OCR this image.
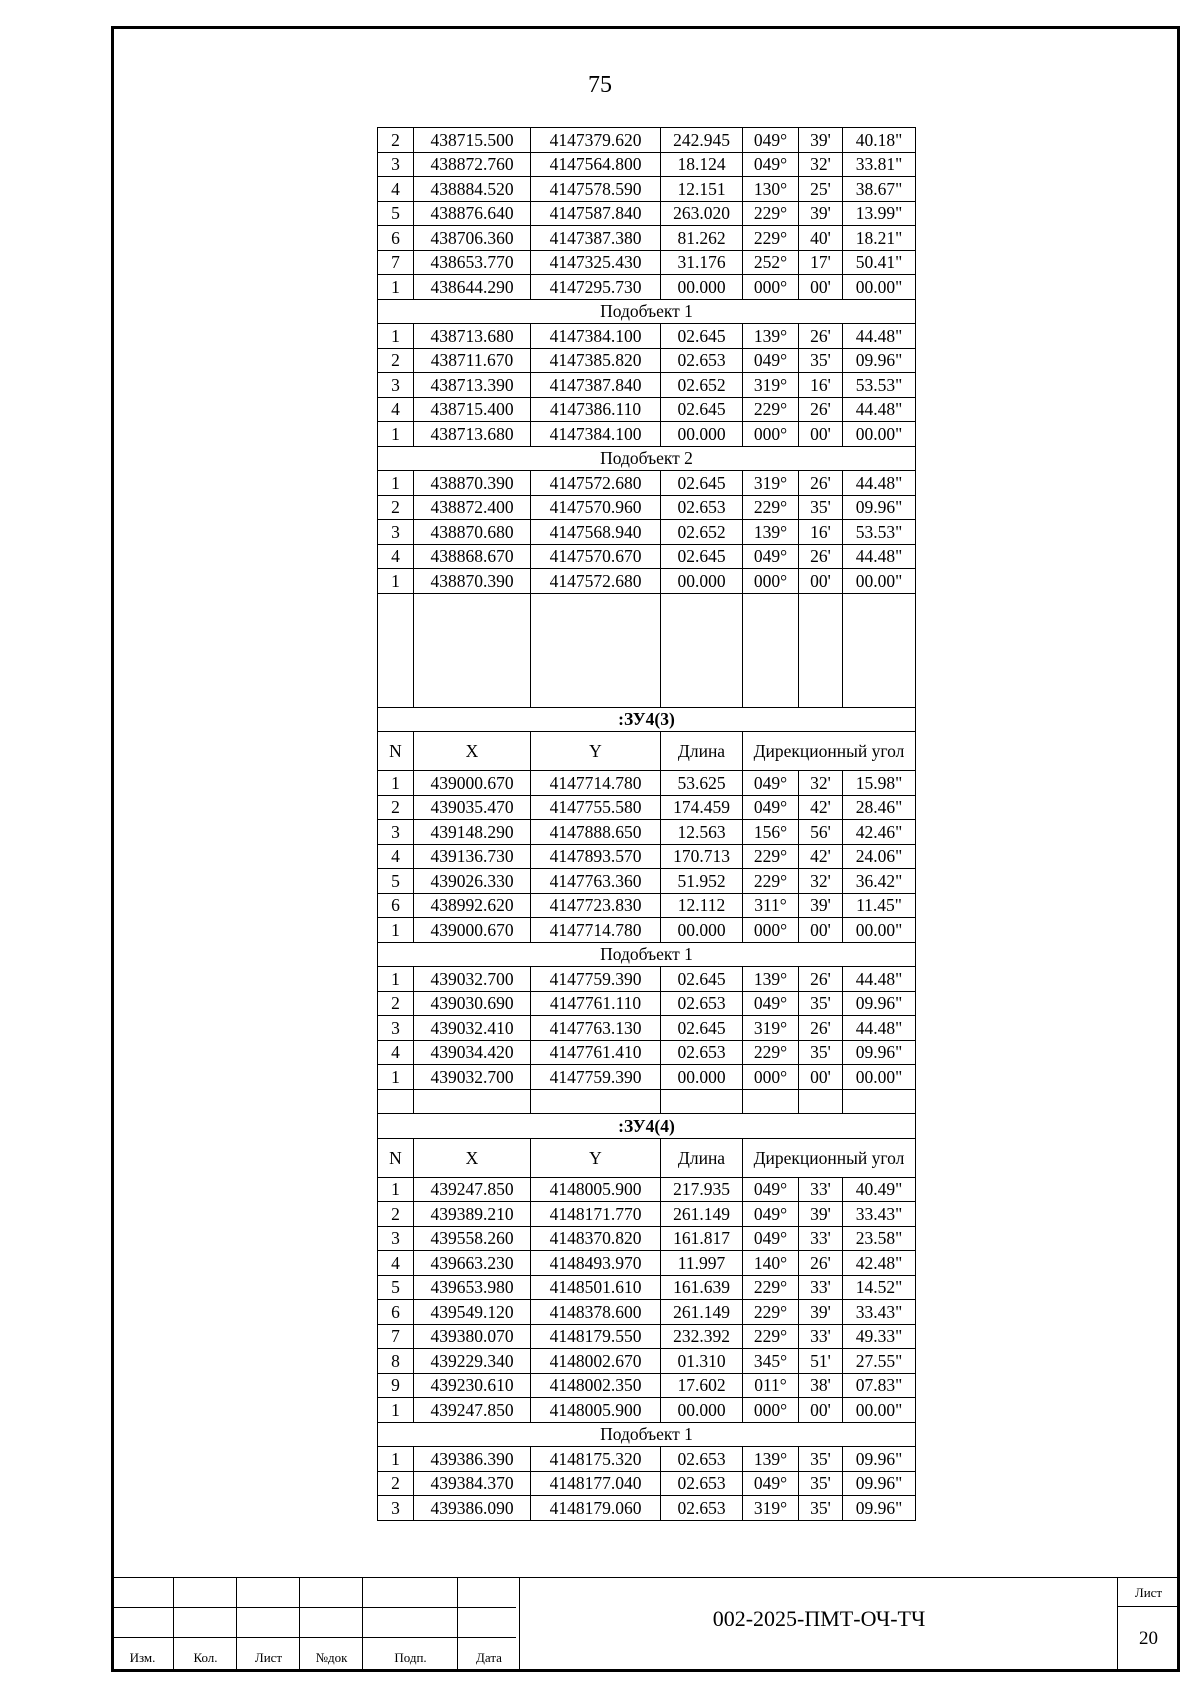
75
2	438715.500	4147379.620	242.945	049°	39'	40.18"
3	438872.760	4147564.800	18.124	049°	32'	33.81"
4	438884.520	4147578.590	12.151	130°	25'	38.67"
5	438876.640	4147587.840	263.020	229°	39'	13.99"
6	438706.360	4147387.380	81.262	229°	40'	18.21"
7	438653.770	4147325.430	31.176	252°	17'	50.41"
1	438644.290	4147295.730	00.000	000°	00'	00.00"
Подобъект 1						
1	438713.680	4147384.100	02.645	139°	26'	44.48"
2	438711.670	4147385.820	02.653	049°	35'	09.96"
3	438713.390	4147387.840	02.652	319°	16'	53.53"
4	438715.400	4147386.110	02.645	229°	26'	44.48"
1	438713.680	4147384.100	00.000	000°	00'	00.00"
Подобъект 2						
1	438870.390	4147572.680	02.645	319°	26'	44.48"
2	438872.400	4147570.960	02.653	229°	35'	09.96"
3	438870.680	4147568.940	02.652	139°	16'	53.53"
4	438868.670	4147570.670	02.645	049°	26'	44.48"
1	438870.390	4147572.680	00.000	000°	00'	00.00"

:ЗУ4(3)						
N	X	Y	Длина	Дирекционный угол		
1	439000.670	4147714.780	53.625	049°	32'	15.98"
2	439035.470	4147755.580	174.459	049°	42'	28.46"
3	439148.290	4147888.650	12.563	156°	56'	42.46"
4	439136.730	4147893.570	170.713	229°	42'	24.06"
5	439026.330	4147763.360	51.952	229°	32'	36.42"
6	438992.620	4147723.830	12.112	311°	39'	11.45"
1	439000.670	4147714.780	00.000	000°	00'	00.00"
Подобъект 1						
1	439032.700	4147759.390	02.645	139°	26'	44.48"
2	439030.690	4147761.110	02.653	049°	35'	09.96"
3	439032.410	4147763.130	02.645	319°	26'	44.48"
4	439034.420	4147761.410	02.653	229°	35'	09.96"
1	439032.700	4147759.390	00.000	000°	00'	00.00"

:ЗУ4(4)						
N	X	Y	Длина	Дирекционный угол		
1	439247.850	4148005.900	217.935	049°	33'	40.49"
2	439389.210	4148171.770	261.149	049°	39'	33.43"
3	439558.260	4148370.820	161.817	049°	33'	23.58"
4	439663.230	4148493.970	11.997	140°	26'	42.48"
5	439653.980	4148501.610	161.639	229°	33'	14.52"
6	439549.120	4148378.600	261.149	229°	39'	33.43"
7	439380.070	4148179.550	232.392	229°	33'	49.33"
8	439229.340	4148002.670	01.310	345°	51'	27.55"
9	439230.610	4148002.350	17.602	011°	38'	07.83"
1	439247.850	4148005.900	00.000	000°	00'	00.00"
Подобъект 1						
1	439386.390	4148175.320	02.653	139°	35'	09.96"
2	439384.370	4148177.040	02.653	049°	35'	09.96"
3	439386.090	4148179.060	02.653	319°	35'	09.96"
Изм.	Кол.	Лист	№док	Подп.	Дата
002-2025-ПМТ-ОЧ-ТЧ
Лист
20
